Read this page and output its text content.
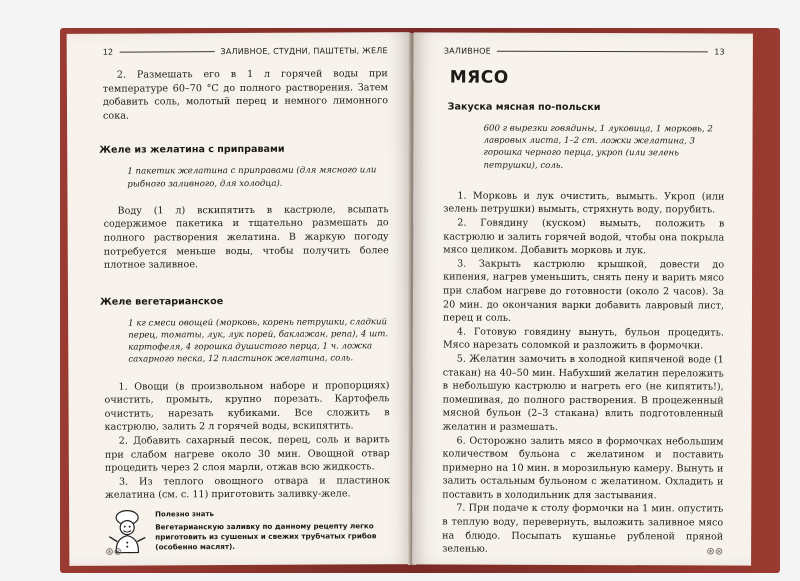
12	ЗАЛИВНОЕ, СТУДНИ, ПАШТЕТЫ, ЖЕЛЕ

2. Размешать его в 1 л горячей воды при температуре 60–70 °С до полного растворения. Затем добавить соль, молотый перец и немного лимонного сока.

Желе из желатина с приправами

1 пакетик желатина с приправами (для мясного или рыбного заливного, для холодца).

Воду (1 л) вскипятить в кастрюле, всыпать содержимое пакетика и тщательно размешать до полного растворения желатина. В жаркую погоду потребуется меньше воды, чтобы получить более плотное заливное.

Желе вегетарианское

1 кг смеси овощей (морковь, корень петрушки, сладкий перец, томаты, лук, лук порей, баклажан, репа), 4 шт. картофеля, 4 горошка душистого перца, 1 ч. ложка сахарного песка, 12 пластинок желатина, соль.

1. Овощи (в произвольном наборе и пропорциях) очистить, промыть, крупно порезать. Картофель очистить, нарезать кубиками. Все сложить в кастрюлю, залить 2 л горячей воды, вскипятить.

2. Добавить сахарный песок, перец, соль и варить при слабом нагреве около 30 мин. Овощной отвар процедить через 2 слоя марли, отжав всю жидкость.

3. Из теплого овощного отвара и пластинок желатина (см. с. 11) приготовить заливку-желе.

Полезно знать

Вегетарианскую заливку по данному рецепту легко приготовить из сушеных и свежих трубчатых грибов (особенно маслят).

⊛⊛
ЗАЛИВНОЕ	13
МЯСО
Закуска мясная по-польски

600 г вырезки говядины, 1 луковица, 1 морковь, 2 лавровых листа, 1–2 ст. ложки желатина, 3 горошка черного перца, укроп (или зелень петрушки), соль.

1. Морковь и лук очистить, вымыть. Укроп (или зелень петрушки) вымыть, стряхнуть воду, порубить.

2. Говядину (куском) вымыть, положить в кастрюлю и залить горячей водой, чтобы она покрыла мясо целиком. Добавить морковь и лук.

3. Закрыть кастрюлю крышкой, довести до кипения, нагрев уменьшить, снять пену и варить мясо при слабом нагреве до готовности (около 2 часов). За 20 мин. до окончания варки добавить лавровый лист, перец и соль.

4. Готовую говядину вынуть, бульон процедить. Мясо нарезать соломкой и разложить в формочки.

5. Желатин замочить в холодной кипяченой воде (1 стакан) на 40–50 мин. Набухший желатин переложить в небольшую кастрюлю и нагреть его (не кипятить!), помешивая, до полного растворения. В процеженный мясной бульон (2–3 стакана) влить подготовленный желатин и размешать.

6. Осторожно залить мясо в формочках небольшим количеством бульона с желатином и поставить примерно на 10 мин. в морозильную камеру. Вынуть и залить остальным бульоном с желатином. Охладить и поставить в холодильник для застывания.

7. При подаче к столу формочки на 1 мин. опустить в теплую воду, перевернуть, выложить заливное мясо на блюдо. Посыпать кушанье рубленой пряной зеленью.	⊛⊛
